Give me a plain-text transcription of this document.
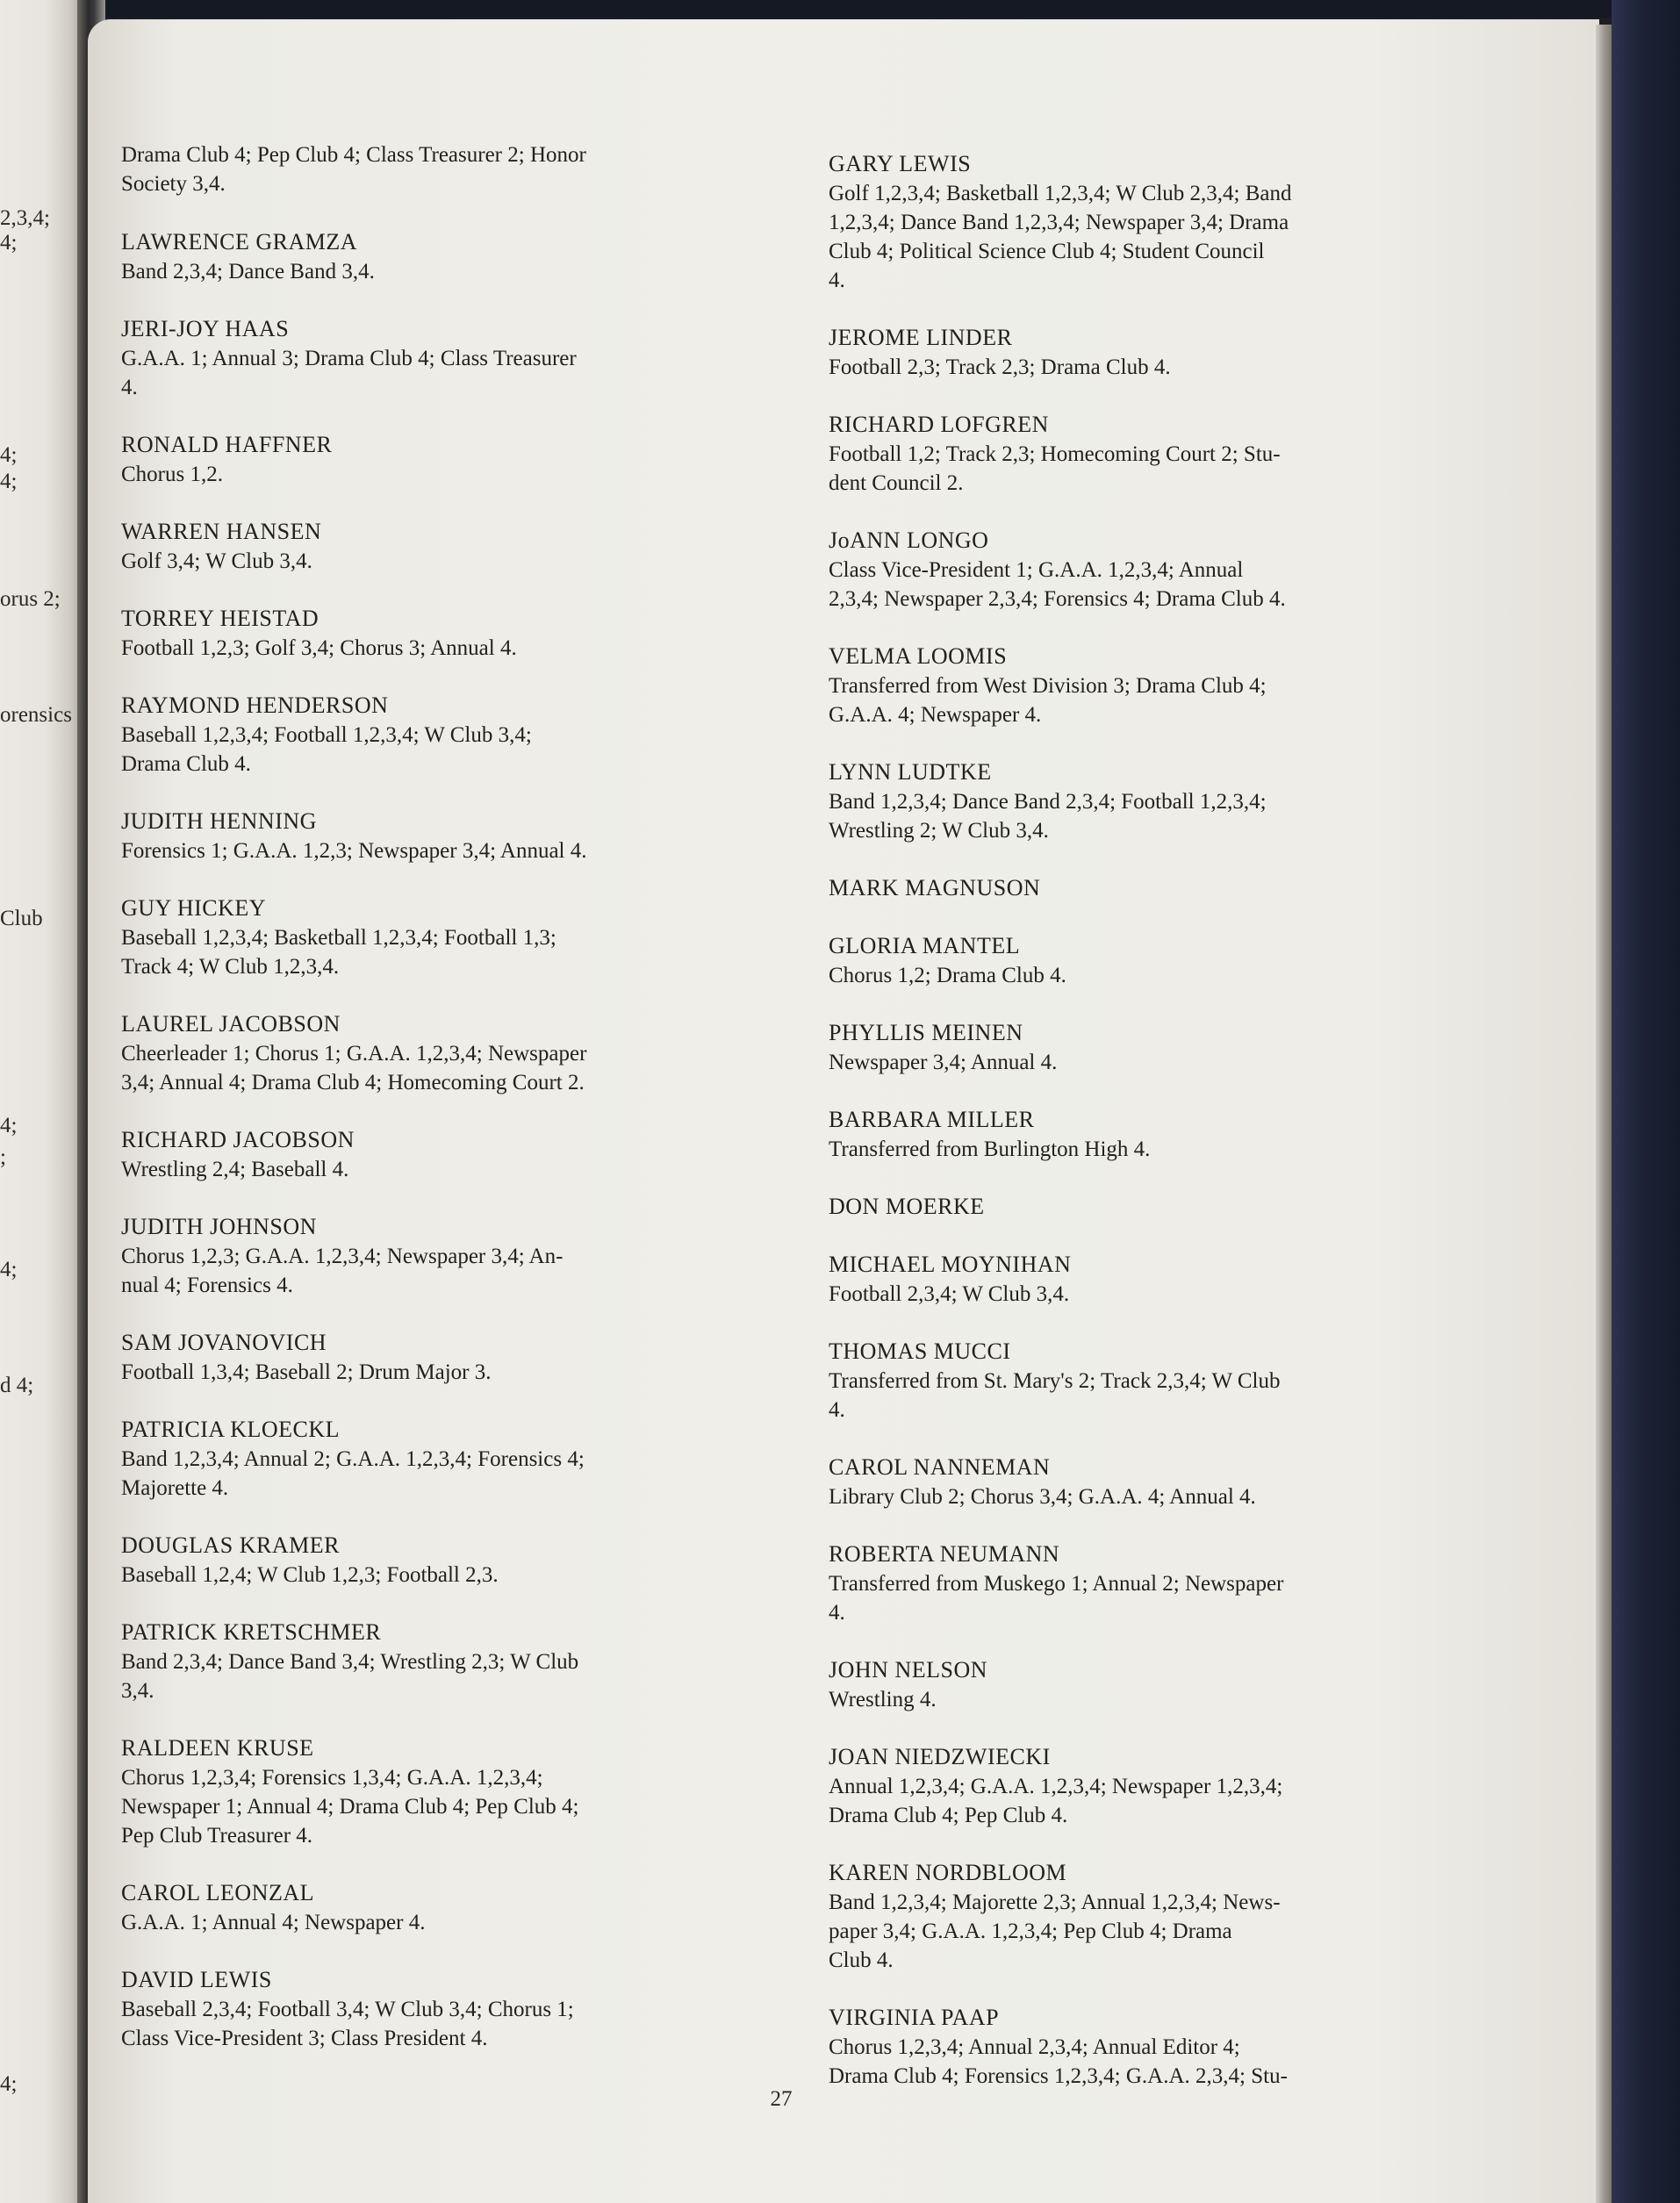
2,3,4;
4;
4;
4;
orus 2;
orensics
Club
4;
;
4;
d 4;
4;
Drama Club 4; Pep Club 4; Class Treasurer 2; Honor
Society 3,4.
LAWRENCE GRAMZA
Band 2,3,4; Dance Band 3,4.
JERI-JOY HAAS
G.A.A. 1; Annual 3; Drama Club 4; Class Treasurer
4.
RONALD HAFFNER
Chorus 1,2.
WARREN HANSEN
Golf 3,4; W Club 3,4.
TORREY HEISTAD
Football 1,2,3; Golf 3,4; Chorus 3; Annual 4.
RAYMOND HENDERSON
Baseball 1,2,3,4; Football 1,2,3,4; W Club 3,4;
Drama Club 4.
JUDITH HENNING
Forensics 1; G.A.A. 1,2,3; Newspaper 3,4; Annual 4.
GUY HICKEY
Baseball 1,2,3,4; Basketball 1,2,3,4; Football 1,3;
Track 4; W Club 1,2,3,4.
LAUREL JACOBSON
Cheerleader 1; Chorus 1; G.A.A. 1,2,3,4; Newspaper
3,4; Annual 4; Drama Club 4; Homecoming Court 2.
RICHARD JACOBSON
Wrestling 2,4; Baseball 4.
JUDITH JOHNSON
Chorus 1,2,3; G.A.A. 1,2,3,4; Newspaper 3,4; An-
nual 4; Forensics 4.
SAM JOVANOVICH
Football 1,3,4; Baseball 2; Drum Major 3.
PATRICIA KLOECKL
Band 1,2,3,4; Annual 2; G.A.A. 1,2,3,4; Forensics 4;
Majorette 4.
DOUGLAS KRAMER
Baseball 1,2,4; W Club 1,2,3; Football 2,3.
PATRICK KRETSCHMER
Band 2,3,4; Dance Band 3,4; Wrestling 2,3; W Club
3,4.
RALDEEN KRUSE
Chorus 1,2,3,4; Forensics 1,3,4; G.A.A. 1,2,3,4;
Newspaper 1; Annual 4; Drama Club 4; Pep Club 4;
Pep Club Treasurer 4.
CAROL LEONZAL
G.A.A. 1; Annual 4; Newspaper 4.
DAVID LEWIS
Baseball 2,3,4; Football 3,4; W Club 3,4; Chorus 1;
Class Vice-President 3; Class President 4.
GARY LEWIS
Golf 1,2,3,4; Basketball 1,2,3,4; W Club 2,3,4; Band
1,2,3,4; Dance Band 1,2,3,4; Newspaper 3,4; Drama
Club 4; Political Science Club 4; Student Council
4.
JEROME LINDER
Football 2,3; Track 2,3; Drama Club 4.
RICHARD LOFGREN
Football 1,2; Track 2,3; Homecoming Court 2; Stu-
dent Council 2.
JoANN LONGO
Class Vice-President 1; G.A.A. 1,2,3,4; Annual
2,3,4; Newspaper 2,3,4; Forensics 4; Drama Club 4.
VELMA LOOMIS
Transferred from West Division 3; Drama Club 4;
G.A.A. 4; Newspaper 4.
LYNN LUDTKE
Band 1,2,3,4; Dance Band 2,3,4; Football 1,2,3,4;
Wrestling 2; W Club 3,4.
MARK MAGNUSON
GLORIA MANTEL
Chorus 1,2; Drama Club 4.
PHYLLIS MEINEN
Newspaper 3,4; Annual 4.
BARBARA MILLER
Transferred from Burlington High 4.
DON MOERKE
MICHAEL MOYNIHAN
Football 2,3,4; W Club 3,4.
THOMAS MUCCI
Transferred from St. Mary's 2; Track 2,3,4; W Club
4.
CAROL NANNEMAN
Library Club 2; Chorus 3,4; G.A.A. 4; Annual 4.
ROBERTA NEUMANN
Transferred from Muskego 1; Annual 2; Newspaper
4.
JOHN NELSON
Wrestling 4.
JOAN NIEDZWIECKI
Annual 1,2,3,4; G.A.A. 1,2,3,4; Newspaper 1,2,3,4;
Drama Club 4; Pep Club 4.
KAREN NORDBLOOM
Band 1,2,3,4; Majorette 2,3; Annual 1,2,3,4; News-
paper 3,4; G.A.A. 1,2,3,4; Pep Club 4; Drama
Club 4.
VIRGINIA PAAP
Chorus 1,2,3,4; Annual 2,3,4; Annual Editor 4;
Drama Club 4; Forensics 1,2,3,4; G.A.A. 2,3,4; Stu-
27
